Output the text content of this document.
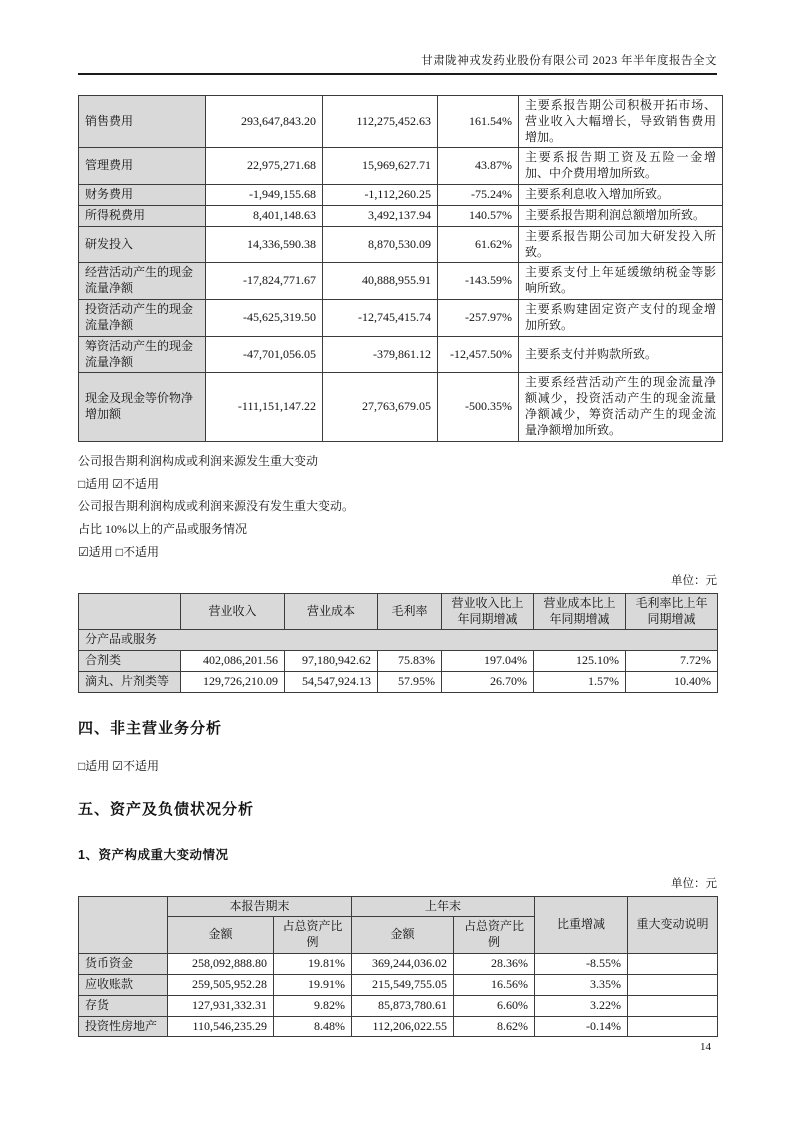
甘肃陇神戎发药业股份有限公司 2023 年半年度报告全文
销售费用	293,647,843.20	112,275,452.63	161.54%	主要系报告期公司积极开拓市场、营业收入大幅增长，导致销售费用增加。
管理费用	22,975,271.68	15,969,627.71	43.87%	主要系报告期工资及五险一金增加、中介费用增加所致。
财务费用	-1,949,155.68	-1,112,260.25	-75.24%	主要系利息收入增加所致。
所得税费用	8,401,148.63	3,492,137.94	140.57%	主要系报告期利润总额增加所致。
研发投入	14,336,590.38	8,870,530.09	61.62%	主要系报告期公司加大研发投入所致。
经营活动产生的现金流量净额	-17,824,771.67	40,888,955.91	-143.59%	主要系支付上年延缓缴纳税金等影响所致。
投资活动产生的现金流量净额	-45,625,319.50	-12,745,415.74	-257.97%	主要系购建固定资产支付的现金增加所致。
筹资活动产生的现金流量净额	-47,701,056.05	-379,861.12	-12,457.50%	主要系支付并购款所致。
现金及现金等价物净增加额	-111,151,147.22	27,763,679.05	-500.35%	主要系经营活动产生的现金流量净额减少，投资活动产生的现金流量净额减少，筹资活动产生的现金流量净额增加所致。

公司报告期利润构成或利润来源发生重大变动

□适用 ☑不适用

公司报告期利润构成或利润来源没有发生重大变动。

占比 10%以上的产品或服务情况

☑适用 □不适用

单位：元
	营业收入	营业成本	毛利率	营业收入比上年同期增减	营业成本比上年同期增减	毛利率比上年同期增减
分产品或服务						
合剂类	402,086,201.56	97,180,942.62	75.83%	197.04%	125.10%	7.72%
滴丸、片剂类等	129,726,210.09	54,547,924.13	57.95%	26.70%	1.57%	10.40%
四、非主营业务分析

□适用 ☑不适用

五、资产及负债状况分析
1、资产构成重大变动情况
单位：元
	本报告期末		上年末		比重增减	重大变动说明
	金额	占总资产比例	金额	占总资产比例		
货币资金	258,092,888.80	19.81%	369,244,036.02	28.36%	-8.55%	
应收账款	259,505,952.28	19.91%	215,549,755.05	16.56%	3.35%	
存货	127,931,332.31	9.82%	85,873,780.61	6.60%	3.22%	
投资性房地产	110,546,235.29	8.48%	112,206,022.55	8.62%	-0.14%	
14
